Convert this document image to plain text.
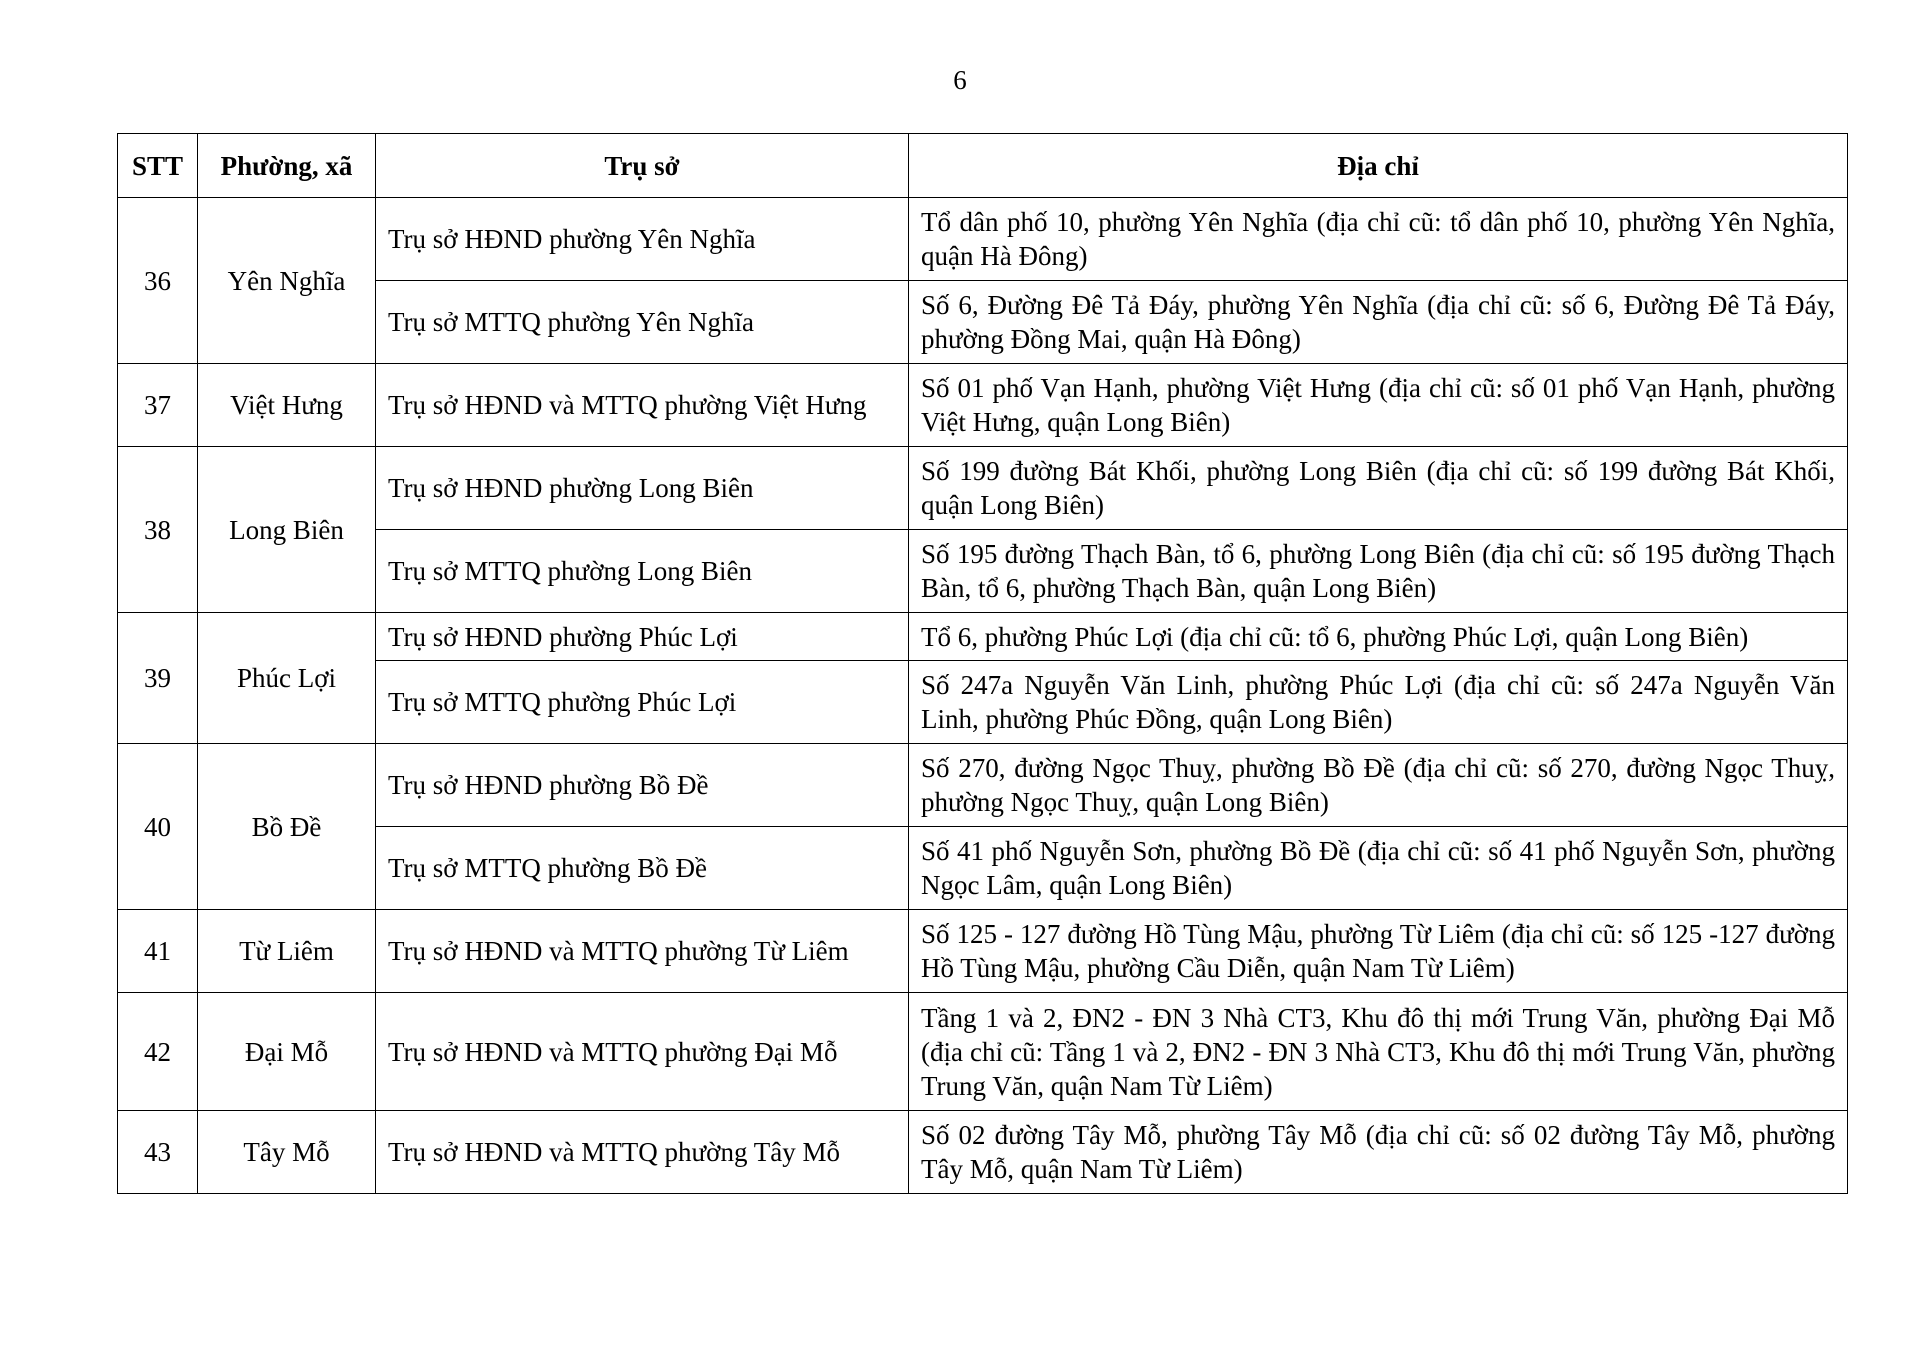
6
STT	Phường, xã	Trụ sở	Địa chỉ
36	Yên Nghĩa	Trụ sở HĐND phường Yên Nghĩa	Tổ dân phố 10, phường Yên Nghĩa (địa chỉ cũ: tổ dân phố 10, phường Yên Nghĩa, quận Hà Đông)
		Trụ sở MTTQ phường Yên Nghĩa	Số 6, Đường Đê Tả Đáy, phường Yên Nghĩa (địa chỉ cũ: số 6, Đường Đê Tả Đáy, phường Đồng Mai, quận Hà Đông)
37	Việt Hưng	Trụ sở HĐND và MTTQ phường Việt Hưng	Số 01 phố Vạn Hạnh, phường Việt Hưng (địa chỉ cũ: số 01 phố Vạn Hạnh, phường Việt Hưng, quận Long Biên)
38	Long Biên	Trụ sở HĐND phường Long Biên	Số 199 đường Bát Khối, phường Long Biên (địa chỉ cũ: số 199 đường Bát Khối, quận Long Biên)
		Trụ sở MTTQ phường Long Biên	Số 195 đường Thạch Bàn, tổ 6, phường Long Biên (địa chỉ cũ: số 195 đường Thạch Bàn, tổ 6, phường Thạch Bàn, quận Long Biên)
39	Phúc Lợi	Trụ sở HĐND phường Phúc Lợi	Tổ 6, phường Phúc Lợi (địa chỉ cũ: tổ 6, phường Phúc Lợi, quận Long Biên)
		Trụ sở MTTQ phường Phúc Lợi	Số 247a Nguyễn Văn Linh, phường Phúc Lợi (địa chỉ cũ: số 247a Nguyễn Văn Linh, phường Phúc Đồng, quận Long Biên)
40	Bồ Đề	Trụ sở HĐND phường Bồ Đề	Số 270, đường Ngọc Thuỵ, phường Bồ Đề (địa chỉ cũ: số 270, đường Ngọc Thuỵ, phường Ngọc Thuỵ, quận Long Biên)
		Trụ sở MTTQ phường Bồ Đề	Số 41 phố Nguyễn Sơn, phường Bồ Đề (địa chỉ cũ: số 41 phố Nguyễn Sơn, phường Ngọc Lâm, quận Long Biên)
41	Từ Liêm	Trụ sở HĐND và MTTQ phường Từ Liêm	Số 125 - 127 đường Hồ Tùng Mậu, phường Từ Liêm (địa chỉ cũ: số 125 -127 đường Hồ Tùng Mậu, phường Cầu Diễn, quận Nam Từ Liêm)
42	Đại Mỗ	Trụ sở HĐND và MTTQ phường Đại Mỗ	Tầng 1 và 2, ĐN2 - ĐN 3 Nhà CT3, Khu đô thị mới Trung Văn, phường Đại Mỗ (địa chỉ cũ: Tầng 1 và 2, ĐN2 - ĐN 3 Nhà CT3, Khu đô thị mới Trung Văn, phường Trung Văn, quận Nam Từ Liêm)
43	Tây Mỗ	Trụ sở HĐND và MTTQ phường Tây Mỗ	Số 02 đường Tây Mỗ, phường Tây Mỗ (địa chỉ cũ: số 02 đường Tây Mỗ, phường Tây Mỗ, quận Nam Từ Liêm)
